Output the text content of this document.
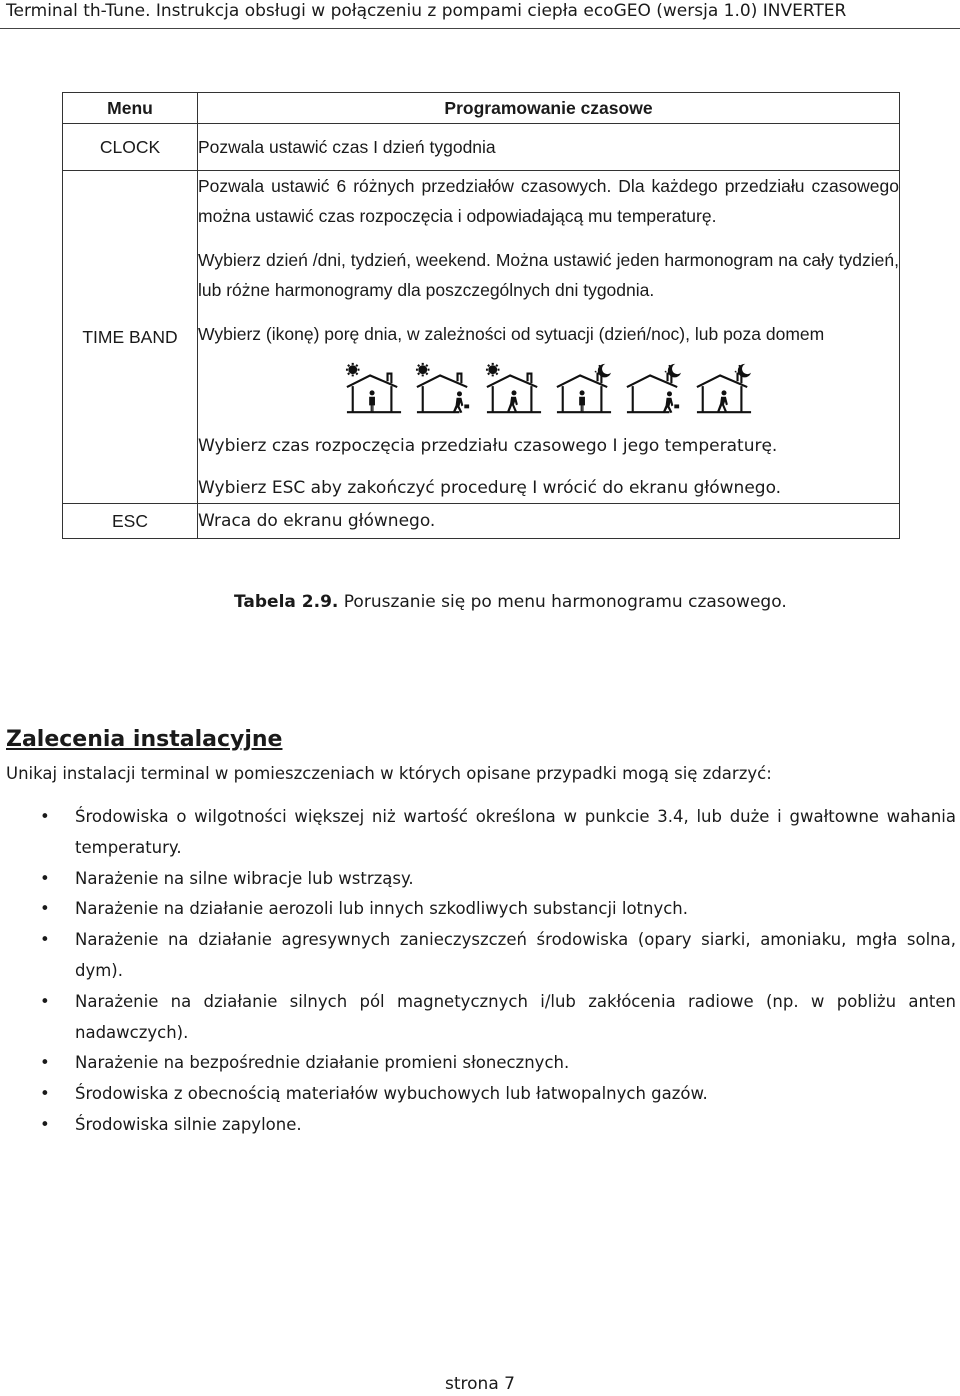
Terminal th-Tune. Instrukcja obsługi w połączeniu z pompami ciepła ecoGEO (wersja 1.0) INVERTER
Menu	Programowanie czasowe
CLOCK	Pozwala ustawić czas I dzień tygodnia
TIME BAND	Pozwala ustawić 6 różnych przedziałów czasowych. Dla każdego przedziału czasowego można ustawić czas rozpoczęcia i odpowiadającą mu temperaturę.

Wybierz dzień /dni, tydzień, weekend. Można ustawić jeden harmonogram na cały tydzień, lub różne harmonogramy dla poszczególnych dni tygodnia.

Wybierz (ikonę) porę dnia, w zależności od sytuacji (dzień/noc), lub poza domem

Wybierz czas rozpoczęcia przedziału czasowego I jego temperaturę.

Wybierz ESC aby zakończyć procedurę I wrócić do ekranu głównego.

ESC	Wraca do ekranu głównego.
Tabela 2.9. Poruszanie się po menu harmonogramu czasowego.
Zalecenia instalacyjne
Unikaj instalacji terminal w pomieszczeniach w których opisane przypadki mogą się zdarzyć:
• Środowiska o wilgotności większej niż wartość określona w punkcie 3.4, lub duże i gwałtowne wahania temperatury.
• Narażenie na silne wibracje lub wstrząsy.
• Narażenie na działanie aerozoli lub innych szkodliwych substancji lotnych.
• Narażenie na działanie agresywnych zanieczyszczeń środowiska (opary siarki, amoniaku, mgła solna, dym).
• Narażenie na działanie silnych pól magnetycznych i/lub zakłócenia radiowe (np. w pobliżu anten nadawczych).
• Narażenie na bezpośrednie działanie promieni słonecznych.
• Środowiska z obecnością materiałów wybuchowych lub łatwopalnych gazów.
• Środowiska silnie zapylone.
strona 7
